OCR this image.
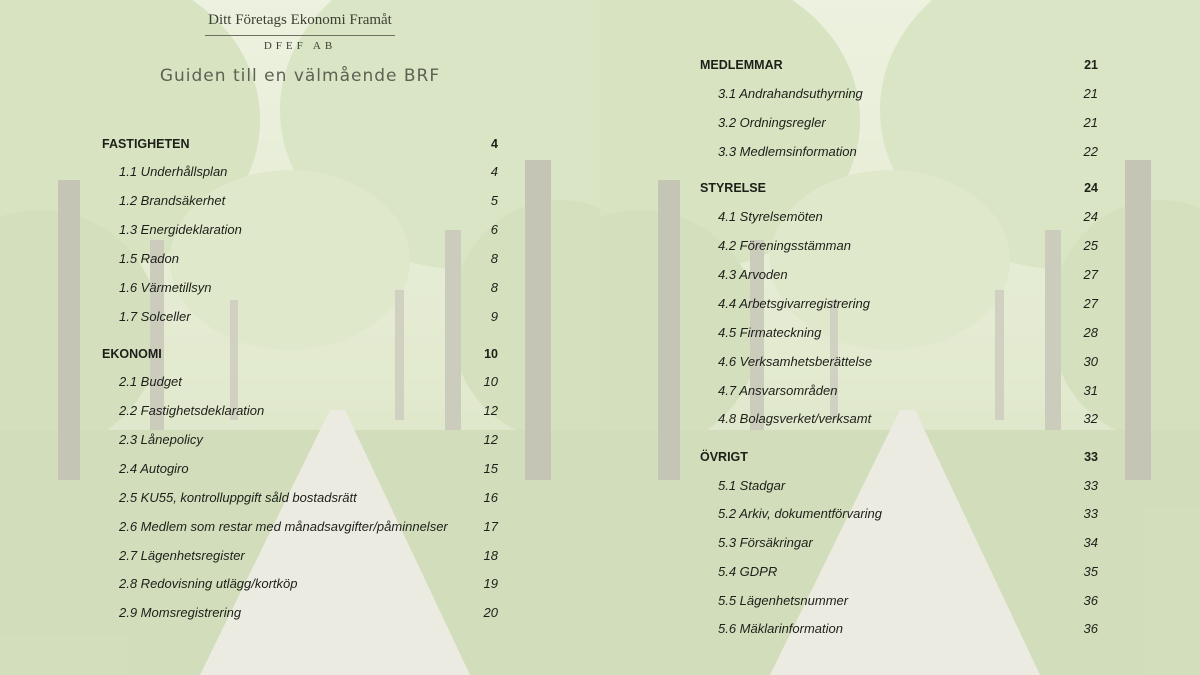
Ditt Företags Ekonomi Framåt
DFEF AB
Guiden till en välmående BRF
FASTIGHETEN	4
1.1 Underhållsplan	4
1.2 Brandsäkerhet	5
1.3 Energideklaration	6
1.5 Radon	8
1.6 Värmetillsyn	8
1.7 Solceller	9
EKONOMI	10
2.1 Budget	10
2.2 Fastighetsdeklaration	12
2.3 Lånepolicy	12
2.4 Autogiro	15
2.5 KU55, kontrolluppgift såld bostadsrätt	16
2.6 Medlem som restar med månadsavgifter/påminnelser	17
2.7 Lägenhetsregister	18
2.8 Redovisning utlägg/kortköp	19
2.9 Momsregistrering	20
MEDLEMMAR	21
3.1 Andrahandsuthyrning	21
3.2 Ordningsregler	21
3.3 Medlemsinformation	22
STYRELSE	24
4.1 Styrelsemöten	24
4.2 Föreningsstämman	25
4.3 Arvoden	27
4.4 Arbetsgivarregistrering	27
4.5 Firmateckning	28
4.6 Verksamhetsberättelse	30
4.7 Ansvarsområden	31
4.8 Bolagsverket/verksamt	32
ÖVRIGT	33
5.1 Stadgar	33
5.2 Arkiv, dokumentförvaring	33
5.3 Försäkringar	34
5.4 GDPR	35
5.5 Lägenhetsnummer	36
5.6 Mäklarinformation	36
